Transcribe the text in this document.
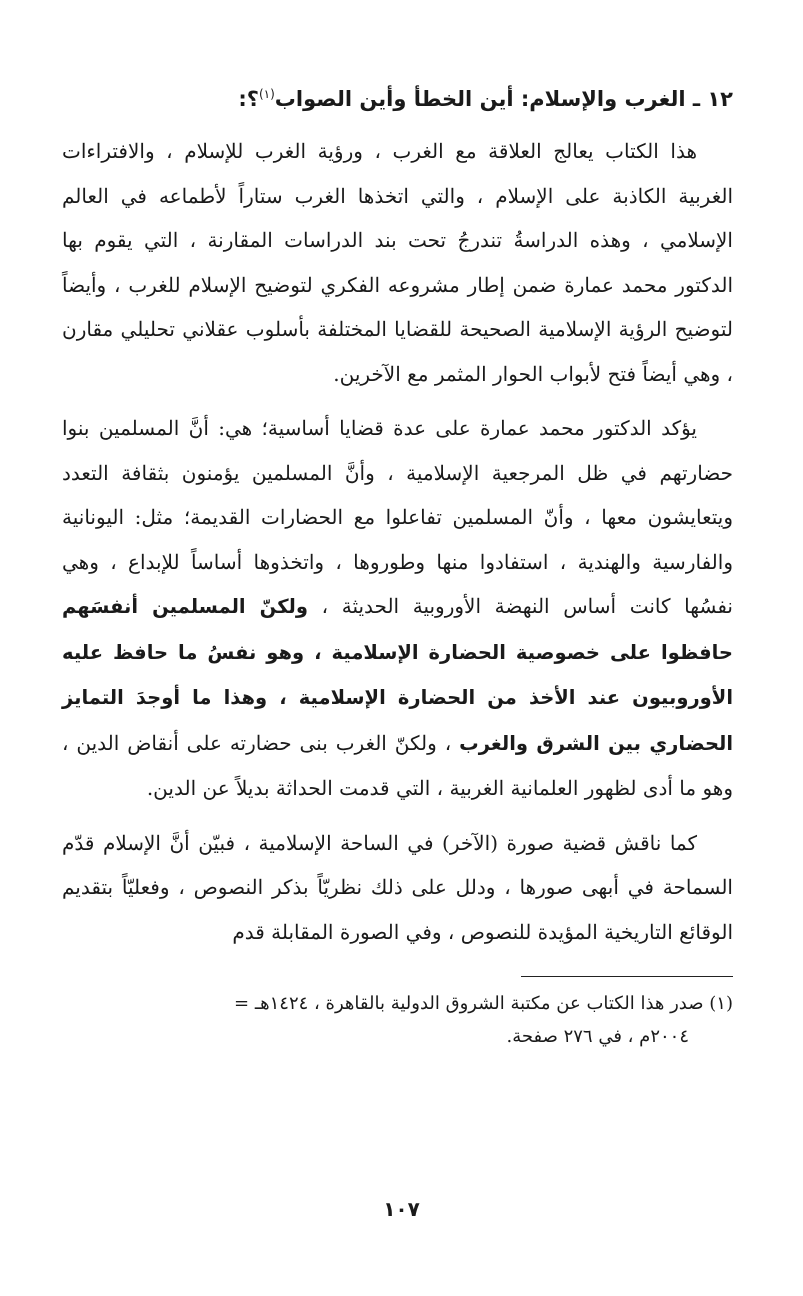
١٢ ـ الغرب والإسلام: أين الخطأ وأين الصواب$^{(١)}$؟:

هذا الكتاب يعالج العلاقة مع الغرب ، ورؤية الغرب للإسلام ، والافتراءات الغربية الكاذبة على الإسلام ، والتي اتخذها الغرب ستاراً لأطماعه في العالم الإسلامي ، وهذه الدراسةُ تندرجُ تحت بند الدراسات المقارنة ، التي يقوم بها الدكتور محمد عمارة ضمن إطار مشروعه الفكري لتوضيح الإسلام للغرب ، وأيضاً لتوضيح الرؤية الإسلامية الصحيحة للقضايا المختلفة بأسلوب عقلاني تحليلي مقارن ، وهي أيضاً فتح لأبواب الحوار المثمر مع الآخرين.

يؤكد الدكتور محمد عمارة على عدة قضايا أساسية؛ هي: أنَّ المسلمين بنوا حضارتهم في ظل المرجعية الإسلامية ، وأنَّ المسلمين يؤمنون بثقافة التعدد ويتعايشون معها ، وأنّ المسلمين تفاعلوا مع الحضارات القديمة؛ مثل: اليونانية والفارسية والهندية ، استفادوا منها وطوروها ، واتخذوها أساساً للإبداع ، وهي نفسُها كانت أساس النهضة الأوروبية الحديثة ، ولكنّ المسلمين أنفسَهم حافظوا على خصوصية الحضارة الإسلامية ، وهو نفسُ ما حافظ عليه الأوروبيون عند الأخذ من الحضارة الإسلامية ، وهذا ما أوجدَ التمايز الحضاري بين الشرق والغرب ، ولكنّ الغرب بنى حضارته على أنقاض الدين ، وهو ما أدى لظهور العلمانية الغربية ، التي قدمت الحداثة بديلاً عن الدين.

كما ناقش قضية صورة (الآخر) في الساحة الإسلامية ، فبيّن أنَّ الإسلام قدّم السماحة في أبهى صورها ، ودلل على ذلك نظريّاً بذكر النصوص ، وفعليّاً بتقديم الوقائع التاريخية المؤيدة للنصوص ، وفي الصورة المقابلة قدم

(١) صدر هذا الكتاب عن مكتبة الشروق الدولية بالقاهرة ، ١٤٢٤هـ =
٢٠٠٤م ، في ٢٧٦ صفحة.
١٠٧
